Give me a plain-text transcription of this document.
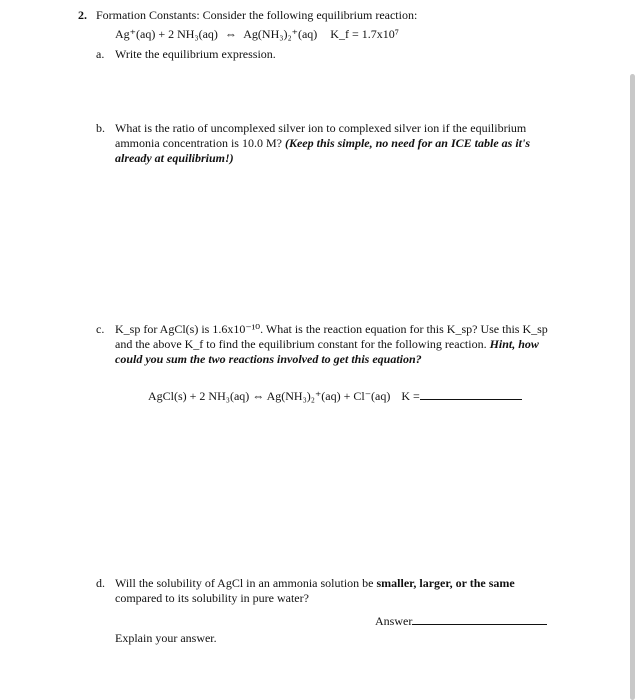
2. Formation Constants: Consider the following equilibrium reaction:
Ag⁺(aq) + 2 NH₃(aq) ⇔ Ag(NH₃)₂⁺(aq) K_f = 1.7x10⁷
a. Write the equilibrium expression.
b. What is the ratio of uncomplexed silver ion to complexed silver ion if the equilibrium ammonia concentration is 10.0 M? (Keep this simple, no need for an ICE table as it's already at equilibrium!)
c. K_sp for AgCl(s) is 1.6x10⁻¹⁰. What is the reaction equation for this K_sp? Use this K_sp and the above K_f to find the equilibrium constant for the following reaction. Hint, how could you sum the two reactions involved to get this equation?
AgCl(s) + 2 NH₃(aq) ⇔ Ag(NH₃)₂⁺(aq) + Cl⁻(aq) K =
d. Will the solubility of AgCl in an ammonia solution be smaller, larger, or the same compared to its solubility in pure water?
Answer
Explain your answer.
